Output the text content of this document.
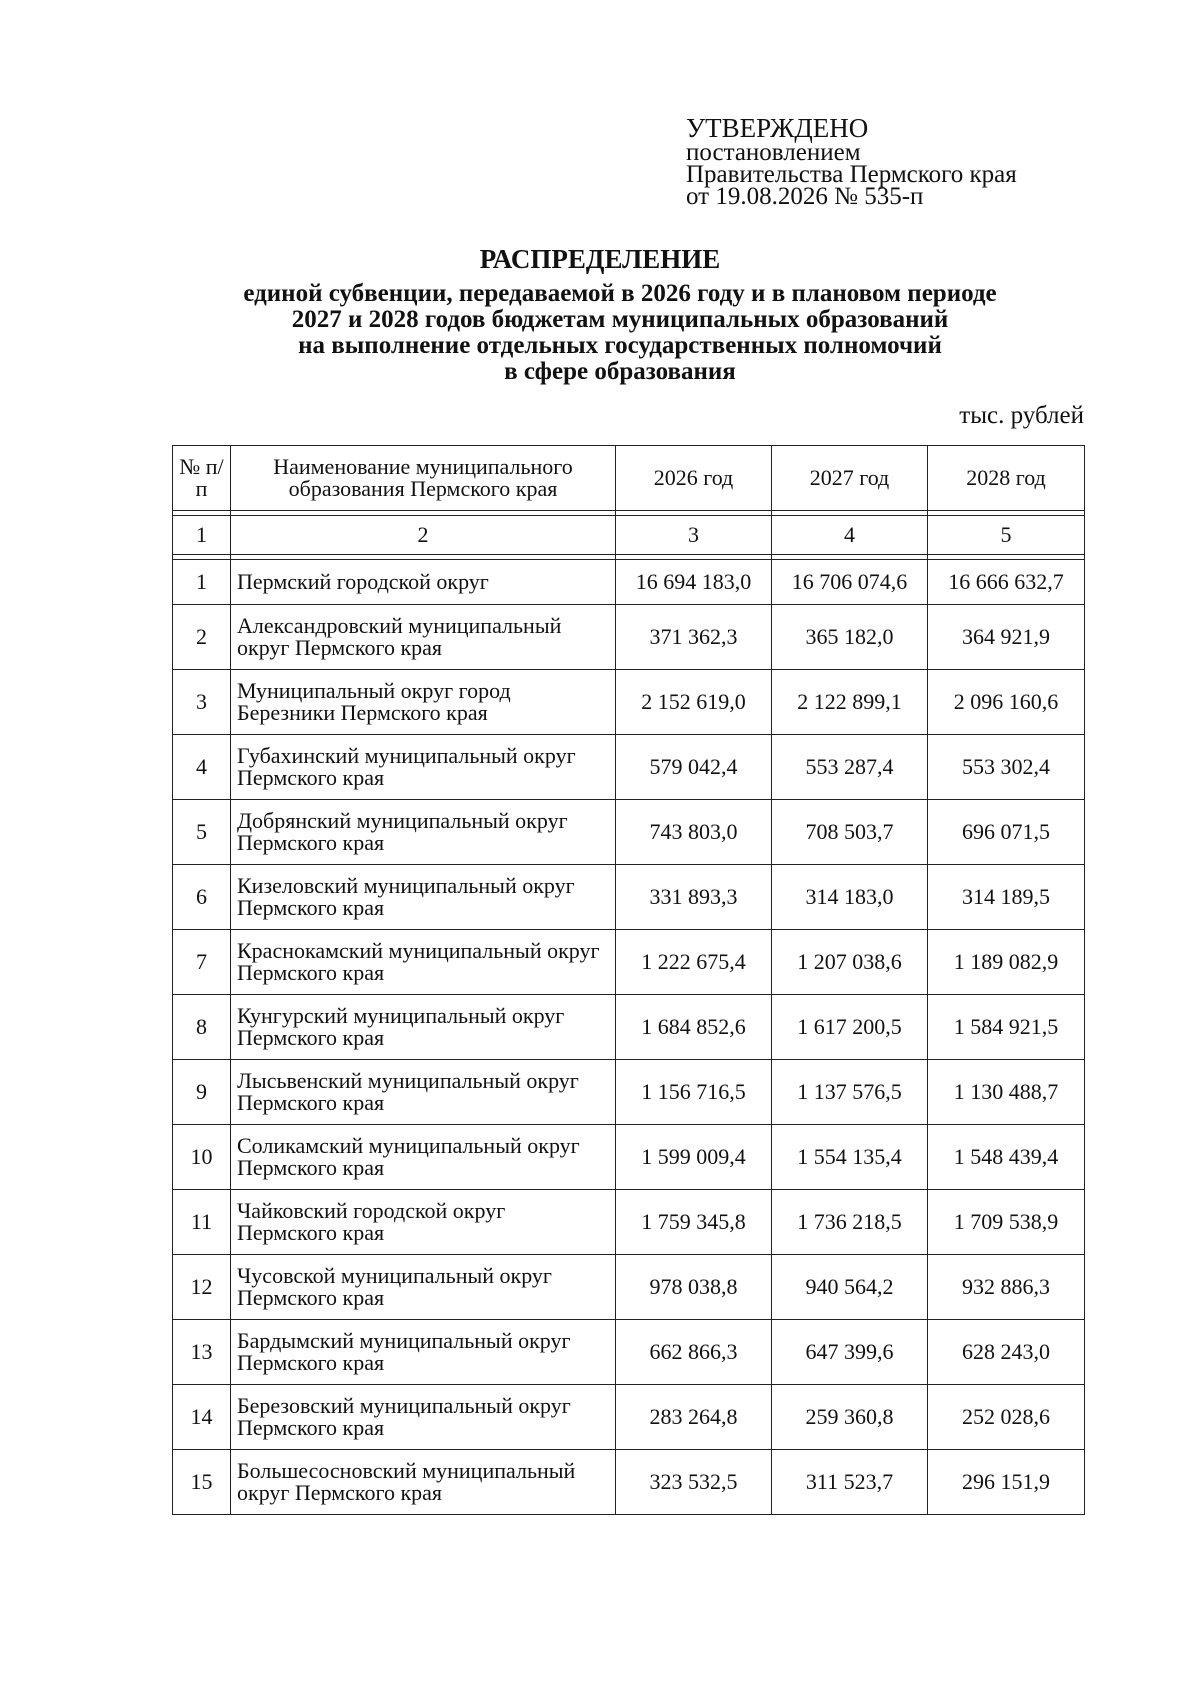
УТВЕРЖДЕНО
постановлением
Правительства Пермского края
от 19.08.2026 № 535-п
РАСПРЕДЕЛЕНИЕ
единой субвенции, передаваемой в 2026 году и в плановом периоде
2027 и 2028 годов бюджетам муниципальных образований
на выполнение отдельных государственных полномочий
в сфере образования
тыс. рублей
№ п/п	Наименование муниципального образования Пермского края	2026 год	2027 год	2028 год

1	2	3	4	5

1	Пермский городской округ	16 694 183,0	16 706 074,6	16 666 632,7
2	Александровский муниципальный округ Пермского края	371 362,3	365 182,0	364 921,9
3	Муниципальный округ город Березники Пермского края	2 152 619,0	2 122 899,1	2 096 160,6
4	Губахинский муниципальный округ Пермского края	579 042,4	553 287,4	553 302,4
5	Добрянский муниципальный округ Пермского края	743 803,0	708 503,7	696 071,5
6	Кизеловский муниципальный округ Пермского края	331 893,3	314 183,0	314 189,5
7	Краснокамский муниципальный округ Пермского края	1 222 675,4	1 207 038,6	1 189 082,9
8	Кунгурский муниципальный округ Пермского края	1 684 852,6	1 617 200,5	1 584 921,5
9	Лысьвенский муниципальный округ Пермского края	1 156 716,5	1 137 576,5	1 130 488,7
10	Соликамский муниципальный округ Пермского края	1 599 009,4	1 554 135,4	1 548 439,4
11	Чайковский городской округ Пермского края	1 759 345,8	1 736 218,5	1 709 538,9
12	Чусовской муниципальный округ Пермского края	978 038,8	940 564,2	932 886,3
13	Бардымский муниципальный округ Пермского края	662 866,3	647 399,6	628 243,0
14	Березовский муниципальный округ Пермского края	283 264,8	259 360,8	252 028,6
15	Большесосновский муниципальный округ Пермского края	323 532,5	311 523,7	296 151,9
